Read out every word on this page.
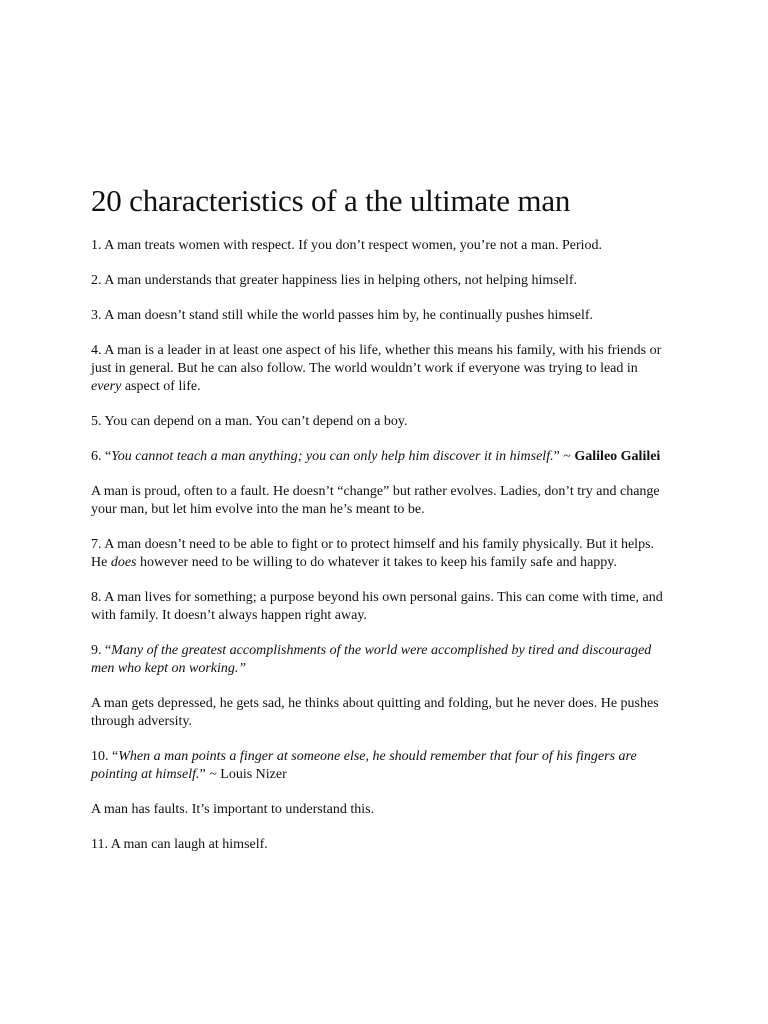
20 characteristics of a the ultimate man

1. A man treats women with respect. If you don’t respect women, you’re not a man. Period.

2. A man understands that greater happiness lies in helping others, not helping himself.

3. A man doesn’t stand still while the world passes him by, he continually pushes himself.

4. A man is a leader in at least one aspect of his life, whether this means his family, with his friends or just in general. But he can also follow. The world wouldn’t work if everyone was trying to lead in every aspect of life.

5. You can depend on a man. You can’t depend on a boy.

6. “You cannot teach a man anything; you can only help him discover it in himself.” ~ Galileo Galilei

A man is proud, often to a fault. He doesn’t “change” but rather evolves. Ladies, don’t try and change your man, but let him evolve into the man he’s meant to be.

7. A man doesn’t need to be able to fight or to protect himself and his family physically. But it helps. He does however need to be willing to do whatever it takes to keep his family safe and happy.

8. A man lives for something; a purpose beyond his own personal gains. This can come with time, and with family. It doesn’t always happen right away.

9. “Many of the greatest accomplishments of the world were accomplished by tired and discouraged men who kept on working.”

A man gets depressed, he gets sad, he thinks about quitting and folding, but he never does. He pushes through adversity.

10. “When a man points a finger at someone else, he should remember that four of his fingers are pointing at himself.” ~ Louis Nizer

A man has faults. It’s important to understand this.

11. A man can laugh at himself.
